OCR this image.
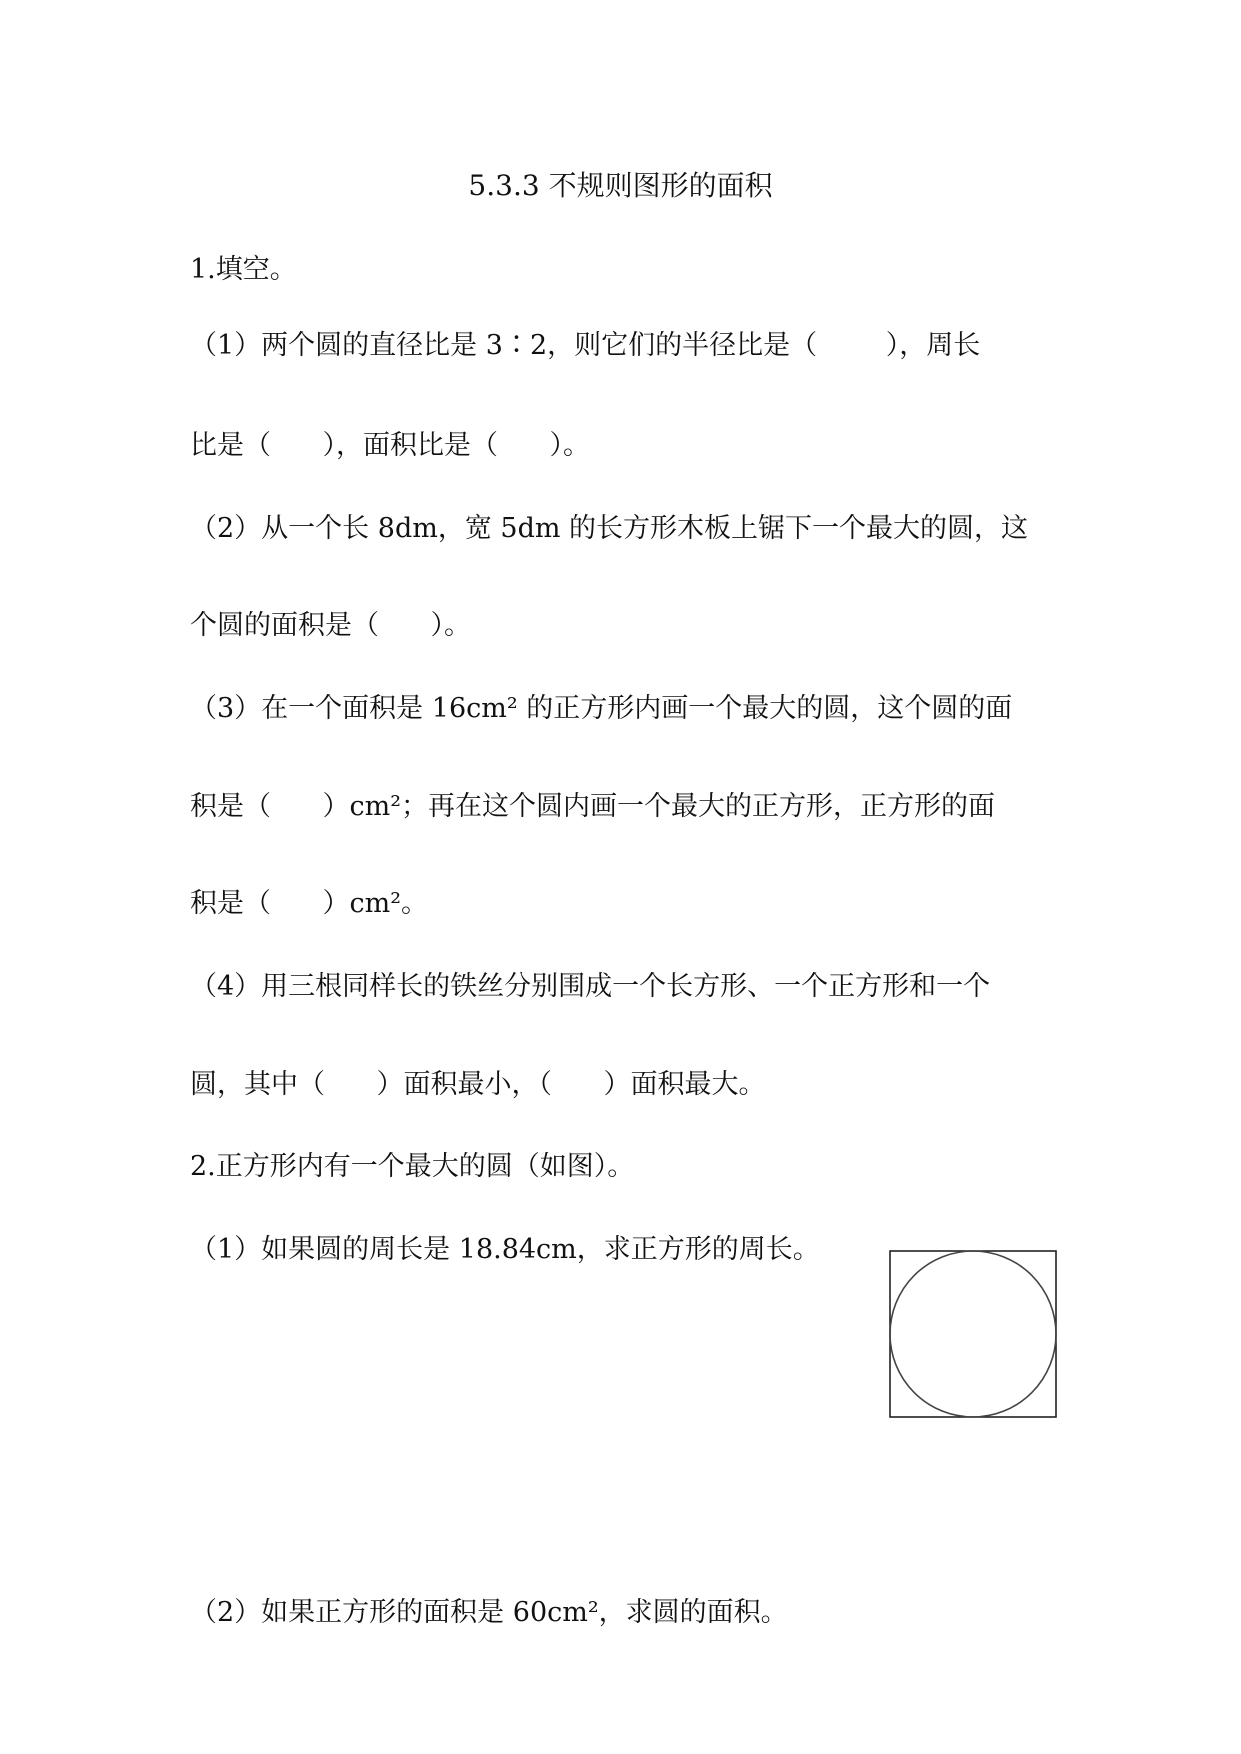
5.3.3 不规则图形的面积

1.填空。

（1）两个圆的直径比是 3∶2，则它们的半径比是（        ），周长

比是（      ），面积比是（      ）。

（2）从一个长 8dm，宽 5dm 的长方形木板上锯下一个最大的圆，这

个圆的面积是（      ）。

（3）在一个面积是 16cm² 的正方形内画一个最大的圆，这个圆的面

积是（      ）cm²；再在这个圆内画一个最大的正方形，正方形的面

积是（      ）cm²。

（4）用三根同样长的铁丝分别围成一个长方形、一个正方形和一个

圆，其中（      ）面积最小，（      ）面积最大。

2.正方形内有一个最大的圆（如图）。

（1）如果圆的周长是 18.84cm，求正方形的周长。

（2）如果正方形的面积是 60cm²，求圆的面积。
